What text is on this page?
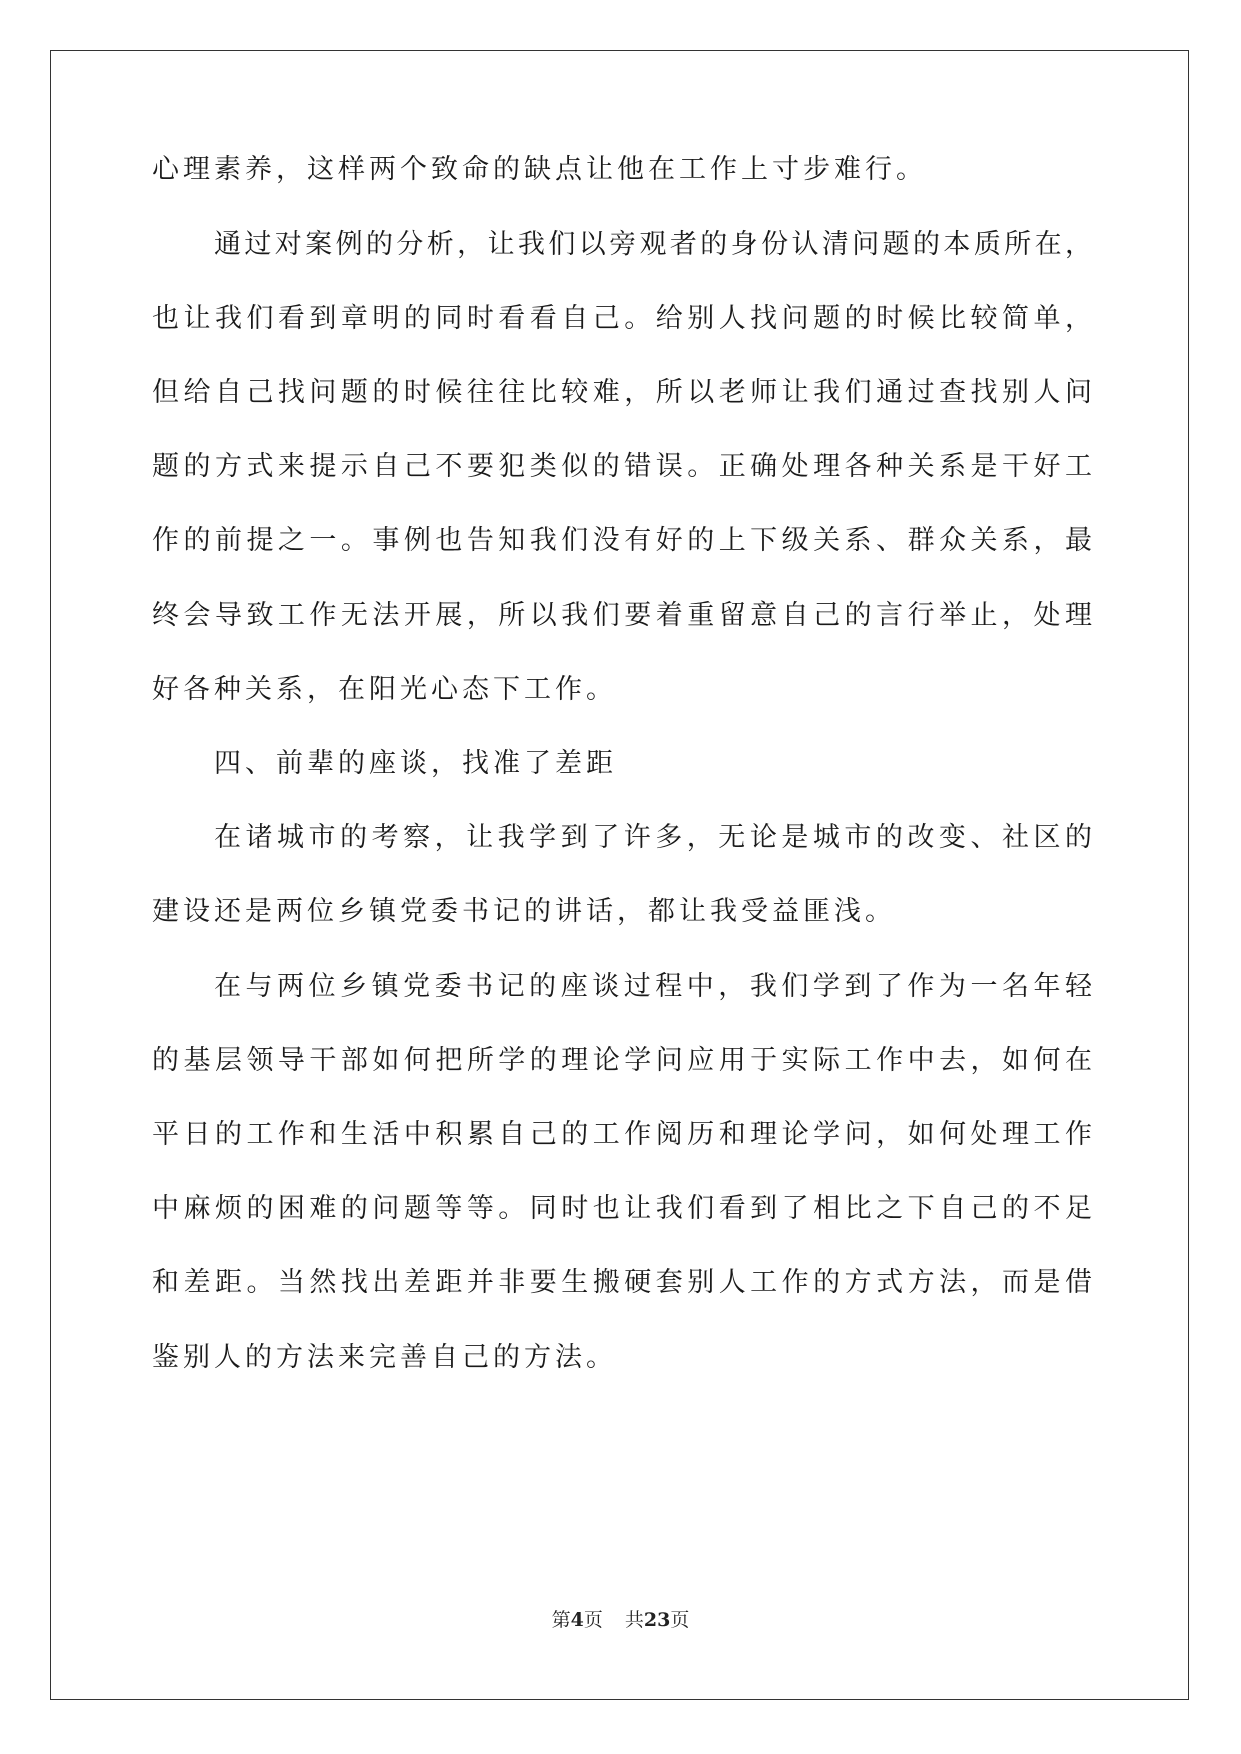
心理素养，这样两个致命的缺点让他在工作上寸步难行。
通过对案例的分析，让我们以旁观者的身份认清问题的本质所在，
也让我们看到章明的同时看看自己。给别人找问题的时候比较简单，
但给自己找问题的时候往往比较难，所以老师让我们通过查找别人问
题的方式来提示自己不要犯类似的错误。正确处理各种关系是干好工
作的前提之一。事例也告知我们没有好的上下级关系、群众关系，最
终会导致工作无法开展，所以我们要着重留意自己的言行举止，处理
好各种关系，在阳光心态下工作。
四、前辈的座谈，找准了差距
在诸城市的考察，让我学到了许多，无论是城市的改变、社区的
建设还是两位乡镇党委书记的讲话，都让我受益匪浅。
在与两位乡镇党委书记的座谈过程中，我们学到了作为一名年轻
的基层领导干部如何把所学的理论学问应用于实际工作中去，如何在
平日的工作和生活中积累自己的工作阅历和理论学问，如何处理工作
中麻烦的困难的问题等等。同时也让我们看到了相比之下自己的不足
和差距。当然找出差距并非要生搬硬套别人工作的方式方法，而是借
鉴别人的方法来完善自己的方法。
第4页 共23页
